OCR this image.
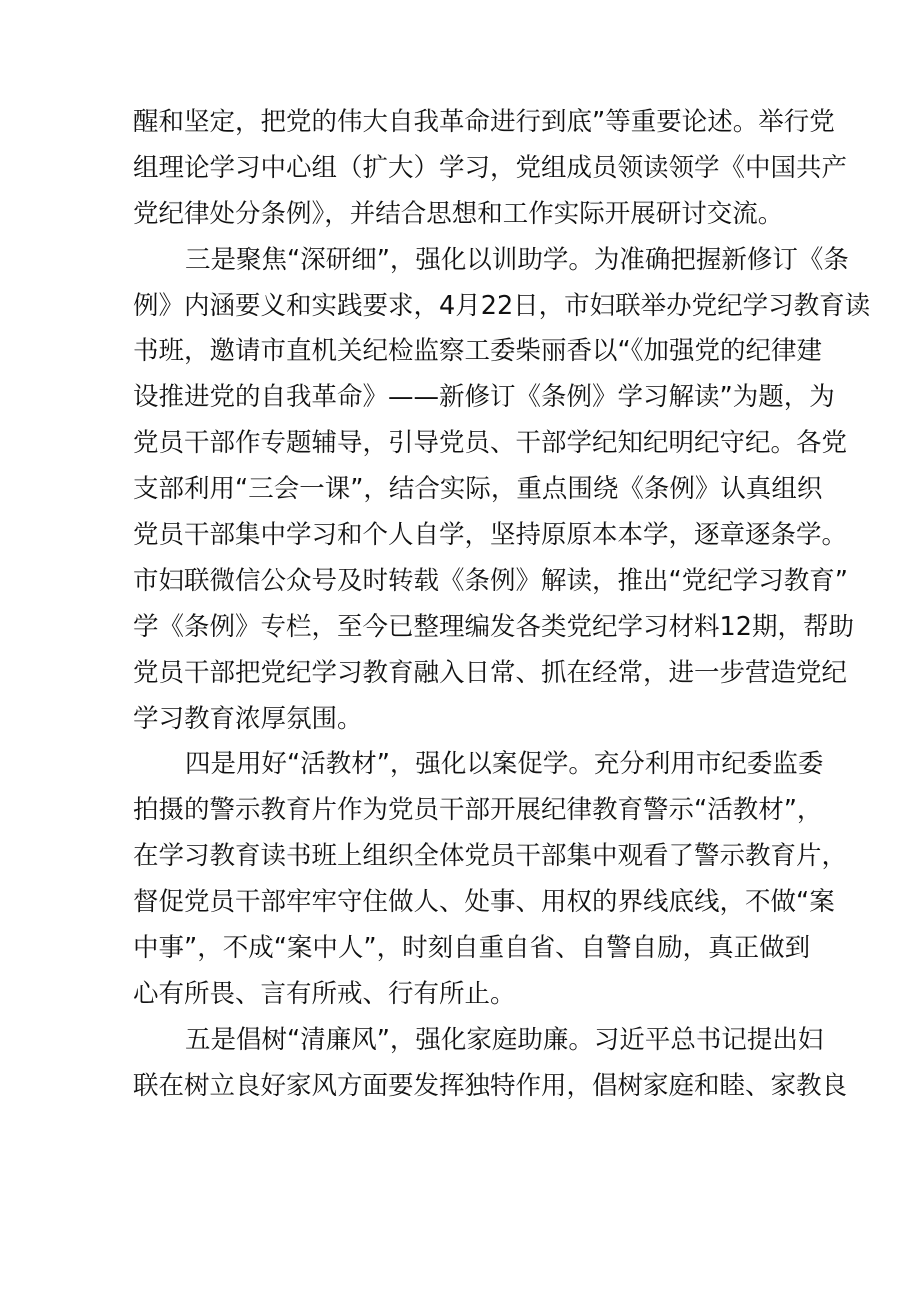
醒和坚定，把党的伟大自我革命进行到底”等重要论述。举行党
组理论学习中心组（扩大）学习，党组成员领读领学《中国共产
党纪律处分条例》，并结合思想和工作实际开展研讨交流。
三是聚焦“深研细”，强化以训助学。为准确把握新修订《条
例》内涵要义和实践要求，4月22日，市妇联举办党纪学习教育读
书班，邀请市直机关纪检监察工委柴丽香以“《加强党的纪律建
设推进党的自我革命》——新修订《条例》学习解读”为题，为
党员干部作专题辅导，引导党员、干部学纪知纪明纪守纪。各党
支部利用“三会一课”，结合实际，重点围绕《条例》认真组织
党员干部集中学习和个人自学，坚持原原本本学，逐章逐条学。
市妇联微信公众号及时转载《条例》解读，推出“党纪学习教育”
学《条例》专栏，至今已整理编发各类党纪学习材料12期，帮助
党员干部把党纪学习教育融入日常、抓在经常，进一步营造党纪
学习教育浓厚氛围。
四是用好“活教材”，强化以案促学。充分利用市纪委监委
拍摄的警示教育片作为党员干部开展纪律教育警示“活教材”，
在学习教育读书班上组织全体党员干部集中观看了警示教育片，
督促党员干部牢牢守住做人、处事、用权的界线底线，不做“案
中事”，不成“案中人”，时刻自重自省、自警自励，真正做到
心有所畏、言有所戒、行有所止。
五是倡树“清廉风”，强化家庭助廉。习近平总书记提出妇
联在树立良好家风方面要发挥独特作用，倡树家庭和睦、家教良
